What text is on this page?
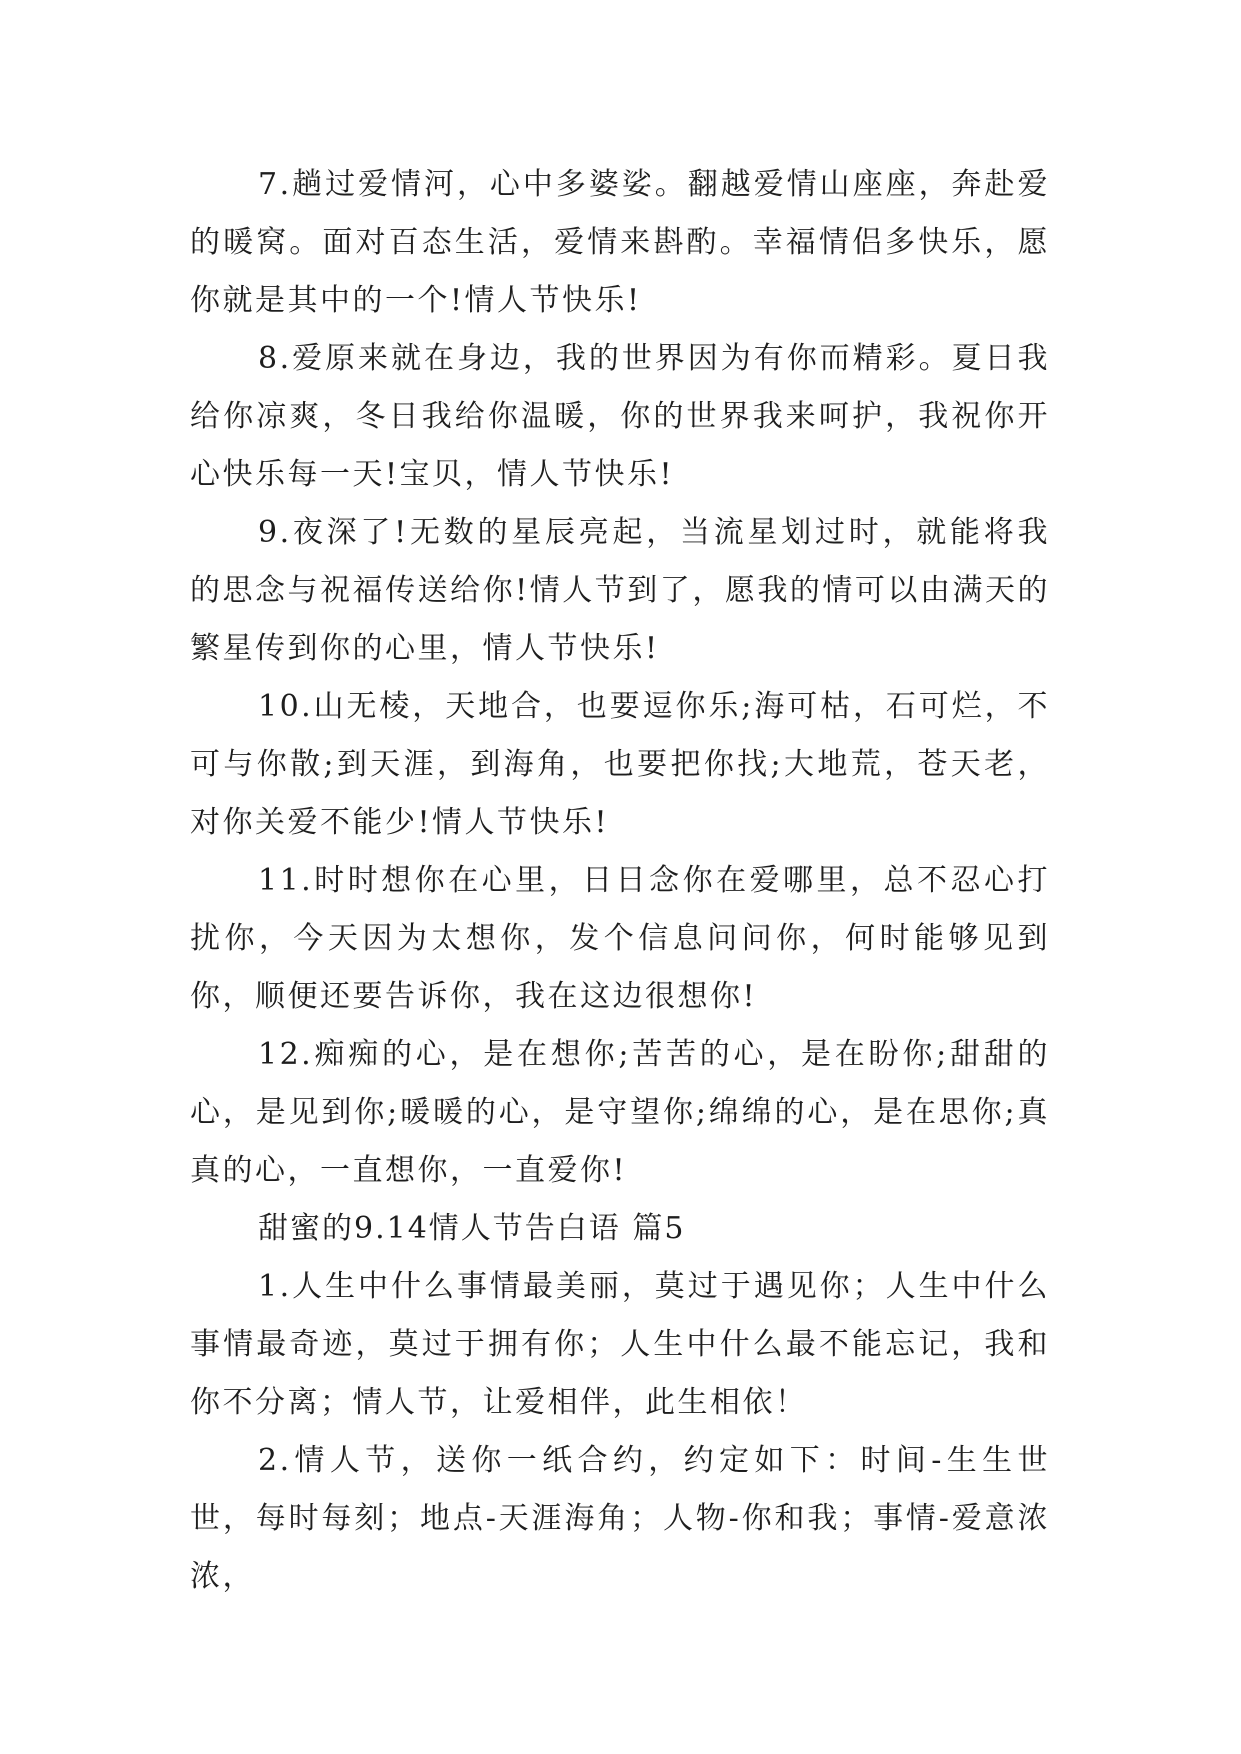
7.趟过爱情河，心中多婆娑。翻越爱情山座座，奔赴爱的暖窝。面对百态生活，爱情来斟酌。幸福情侣多快乐，愿你就是其中的一个!情人节快乐!

8.爱原来就在身边，我的世界因为有你而精彩。夏日我给你凉爽，冬日我给你温暖，你的世界我来呵护，我祝你开心快乐每一天!宝贝，情人节快乐!

9.夜深了!无数的星辰亮起，当流星划过时，就能将我的思念与祝福传送给你!情人节到了，愿我的情可以由满天的繁星传到你的心里，情人节快乐!

10.山无棱，天地合，也要逗你乐;海可枯，石可烂，不可与你散;到天涯，到海角，也要把你找;大地荒，苍天老，对你关爱不能少!情人节快乐!

11.时时想你在心里，日日念你在爱哪里，总不忍心打扰你，今天因为太想你，发个信息问问你，何时能够见到你，顺便还要告诉你，我在这边很想你!

12.痴痴的心，是在想你;苦苦的心，是在盼你;甜甜的心，是见到你;暖暖的心，是守望你;绵绵的心，是在思你;真真的心，一直想你，一直爱你!

甜蜜的9.14情人节告白语 篇5

1.人生中什么事情最美丽，莫过于遇见你；人生中什么事情最奇迹，莫过于拥有你；人生中什么最不能忘记，我和你不分离；情人节，让爱相伴，此生相依！

2.情人节，送你一纸合约，约定如下：时间-生生世世，每时每刻；地点-天涯海角；人物-你和我；事情-爱意浓浓，
